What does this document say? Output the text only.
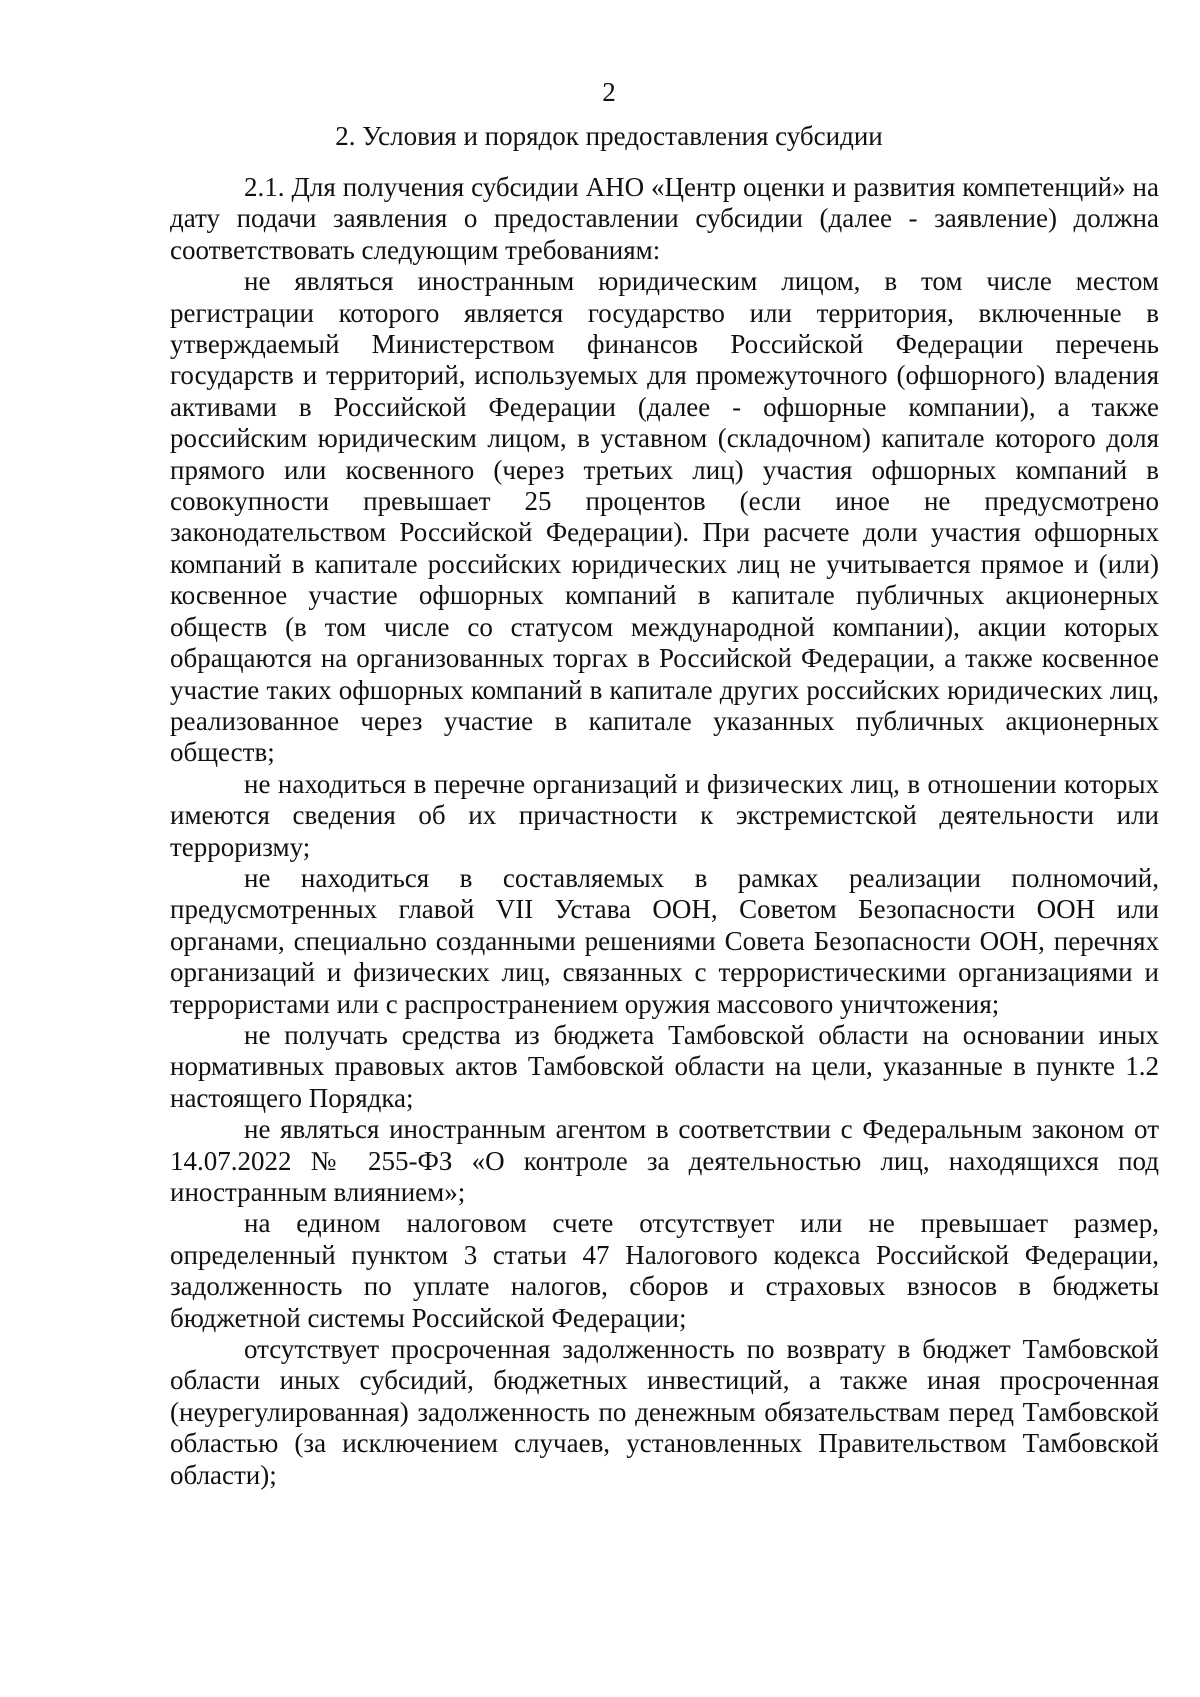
2
2. Условия и порядок предоставления субсидии

2.1. Для получения субсидии АНО «Центр оценки и развития компетенций» на дату подачи заявления о предоставлении субсидии (далее - заявление) должна соответствовать следующим требованиям:

не являться иностранным юридическим лицом, в том числе местом регистрации которого является государство или территория, включенные в утверждаемый Министерством финансов Российской Федерации перечень государств и территорий, используемых для промежуточного (офшорного) владения активами в Российской Федерации (далее - офшорные компании), а также российским юридическим лицом, в уставном (складочном) капитале которого доля прямого или косвенного (через третьих лиц) участия офшорных компаний в совокупности превышает 25 процентов (если иное не предусмотрено законодательством Российской Федерации). При расчете доли участия офшорных компаний в капитале российских юридических лиц не учитывается прямое и (или) косвенное участие офшорных компаний в капитале публичных акционерных обществ (в том числе со статусом международной компании), акции которых обращаются на организованных торгах в Российской Федерации, а также косвенное участие таких офшорных компаний в капитале других российских юридических лиц, реализованное через участие в капитале указанных публичных акционерных обществ;

не находиться в перечне организаций и физических лиц, в отношении которых имеются сведения об их причастности к экстремистской деятельности или терроризму;

не находиться в составляемых в рамках реализации полномочий, предусмотренных главой VII Устава ООН, Советом Безопасности ООН или органами, специально созданными решениями Совета Безопасности ООН, перечнях организаций и физических лиц, связанных с террористическими организациями и террористами или с распространением оружия массового уничтожения;

не получать средства из бюджета Тамбовской области на основании иных нормативных правовых актов Тамбовской области на цели, указанные в пункте 1.2 настоящего Порядка;

не являться иностранным агентом в соответствии с Федеральным законом от 14.07.2022 № 255-ФЗ «О контроле за деятельностью лиц, находящихся под иностранным влиянием»;

на едином налоговом счете отсутствует или не превышает размер, определенный пунктом 3 статьи 47 Налогового кодекса Российской Федерации, задолженность по уплате налогов, сборов и страховых взносов в бюджеты бюджетной системы Российской Федерации;

отсутствует просроченная задолженность по возврату в бюджет Тамбовской области иных субсидий, бюджетных инвестиций, а также иная просроченная (неурегулированная) задолженность по денежным обязательствам перед Тамбовской областью (за исключением случаев, установленных Правительством Тамбовской области);
